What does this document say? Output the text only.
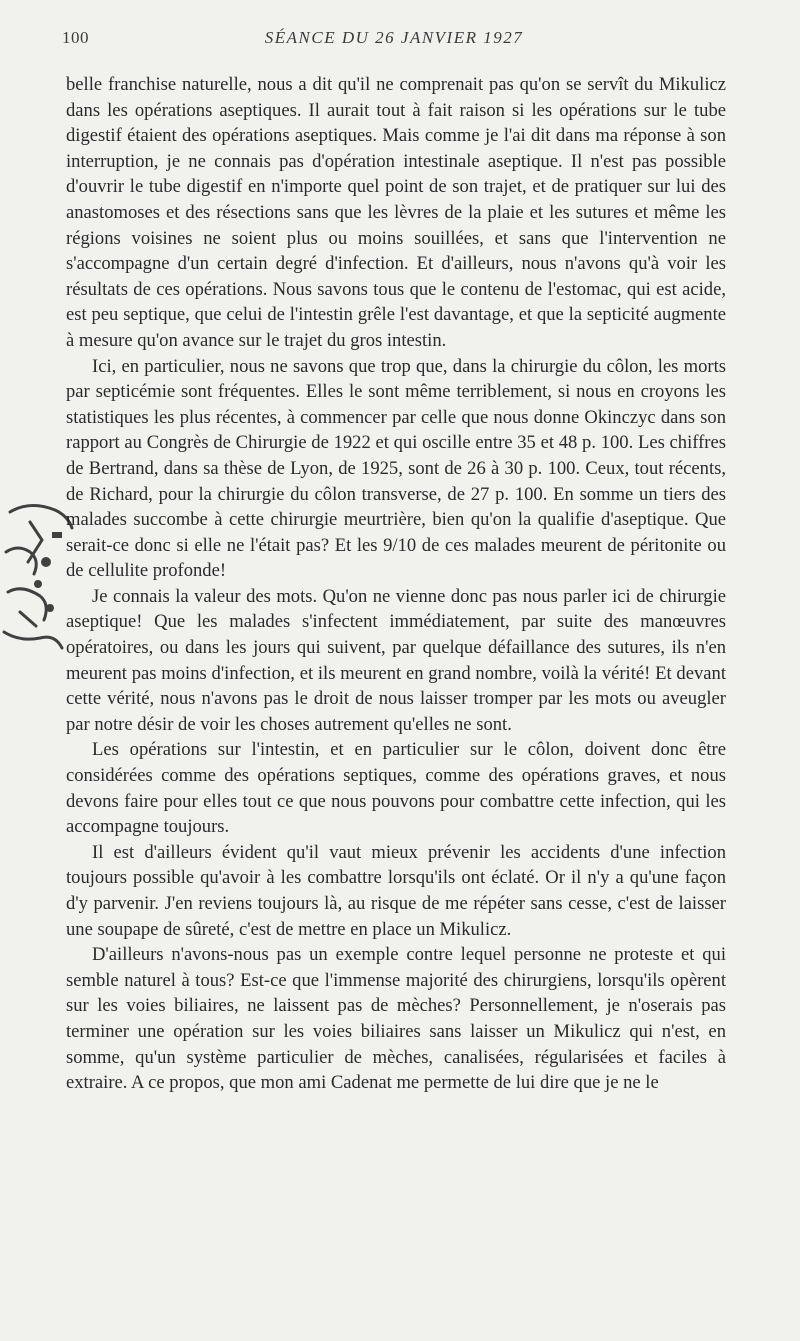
100	SÉANCE DU 26 JANVIER 1927

belle franchise naturelle, nous a dit qu'il ne comprenait pas qu'on se servît du Mikulicz dans les opérations aseptiques. Il aurait tout à fait raison si les opérations sur le tube digestif étaient des opérations aseptiques. Mais comme je l'ai dit dans ma réponse à son interruption, je ne connais pas d'opération intestinale aseptique. Il n'est pas possible d'ouvrir le tube digestif en n'importe quel point de son trajet, et de pratiquer sur lui des anastomoses et des résections sans que les lèvres de la plaie et les sutures et même les régions voisines ne soient plus ou moins souillées, et sans que l'intervention ne s'accompagne d'un certain degré d'infection. Et d'ailleurs, nous n'avons qu'à voir les résultats de ces opérations. Nous savons tous que le contenu de l'estomac, qui est acide, est peu septique, que celui de l'intestin grêle l'est davantage, et que la septicité augmente à mesure qu'on avance sur le trajet du gros intestin.

Ici, en particulier, nous ne savons que trop que, dans la chirurgie du côlon, les morts par septicémie sont fréquentes. Elles le sont même terriblement, si nous en croyons les statistiques les plus récentes, à commencer par celle que nous donne Okinczyc dans son rapport au Congrès de Chirurgie de 1922 et qui oscille entre 35 et 48 p. 100. Les chiffres de Bertrand, dans sa thèse de Lyon, de 1925, sont de 26 à 30 p. 100. Ceux, tout récents, de Richard, pour la chirurgie du côlon transverse, de 27 p. 100. En somme un tiers des malades succombe à cette chirurgie meurtrière, bien qu'on la qualifie d'aseptique. Que serait-ce donc si elle ne l'était pas? Et les 9/10 de ces malades meurent de péritonite ou de cellulite profonde!

Je connais la valeur des mots. Qu'on ne vienne donc pas nous parler ici de chirurgie aseptique! Que les malades s'infectent immédiatement, par suite des manœuvres opératoires, ou dans les jours qui suivent, par quelque défaillance des sutures, ils n'en meurent pas moins d'infection, et ils meurent en grand nombre, voilà la vérité! Et devant cette vérité, nous n'avons pas le droit de nous laisser tromper par les mots ou aveugler par notre désir de voir les choses autrement qu'elles ne sont.

Les opérations sur l'intestin, et en particulier sur le côlon, doivent donc être considérées comme des opérations septiques, comme des opérations graves, et nous devons faire pour elles tout ce que nous pouvons pour combattre cette infection, qui les accompagne toujours.

Il est d'ailleurs évident qu'il vaut mieux prévenir les accidents d'une infection toujours possible qu'avoir à les combattre lorsqu'ils ont éclaté. Or il n'y a qu'une façon d'y parvenir. J'en reviens toujours là, au risque de me répéter sans cesse, c'est de laisser une soupape de sûreté, c'est de mettre en place un Mikulicz.

D'ailleurs n'avons-nous pas un exemple contre lequel personne ne proteste et qui semble naturel à tous? Est-ce que l'immense majorité des chirurgiens, lorsqu'ils opèrent sur les voies biliaires, ne laissent pas de mèches? Personnellement, je n'oserais pas terminer une opération sur les voies biliaires sans laisser un Mikulicz qui n'est, en somme, qu'un système particulier de mèches, canalisées, régularisées et faciles à extraire. A ce propos, que mon ami Cadenat me permette de lui dire que je ne le
